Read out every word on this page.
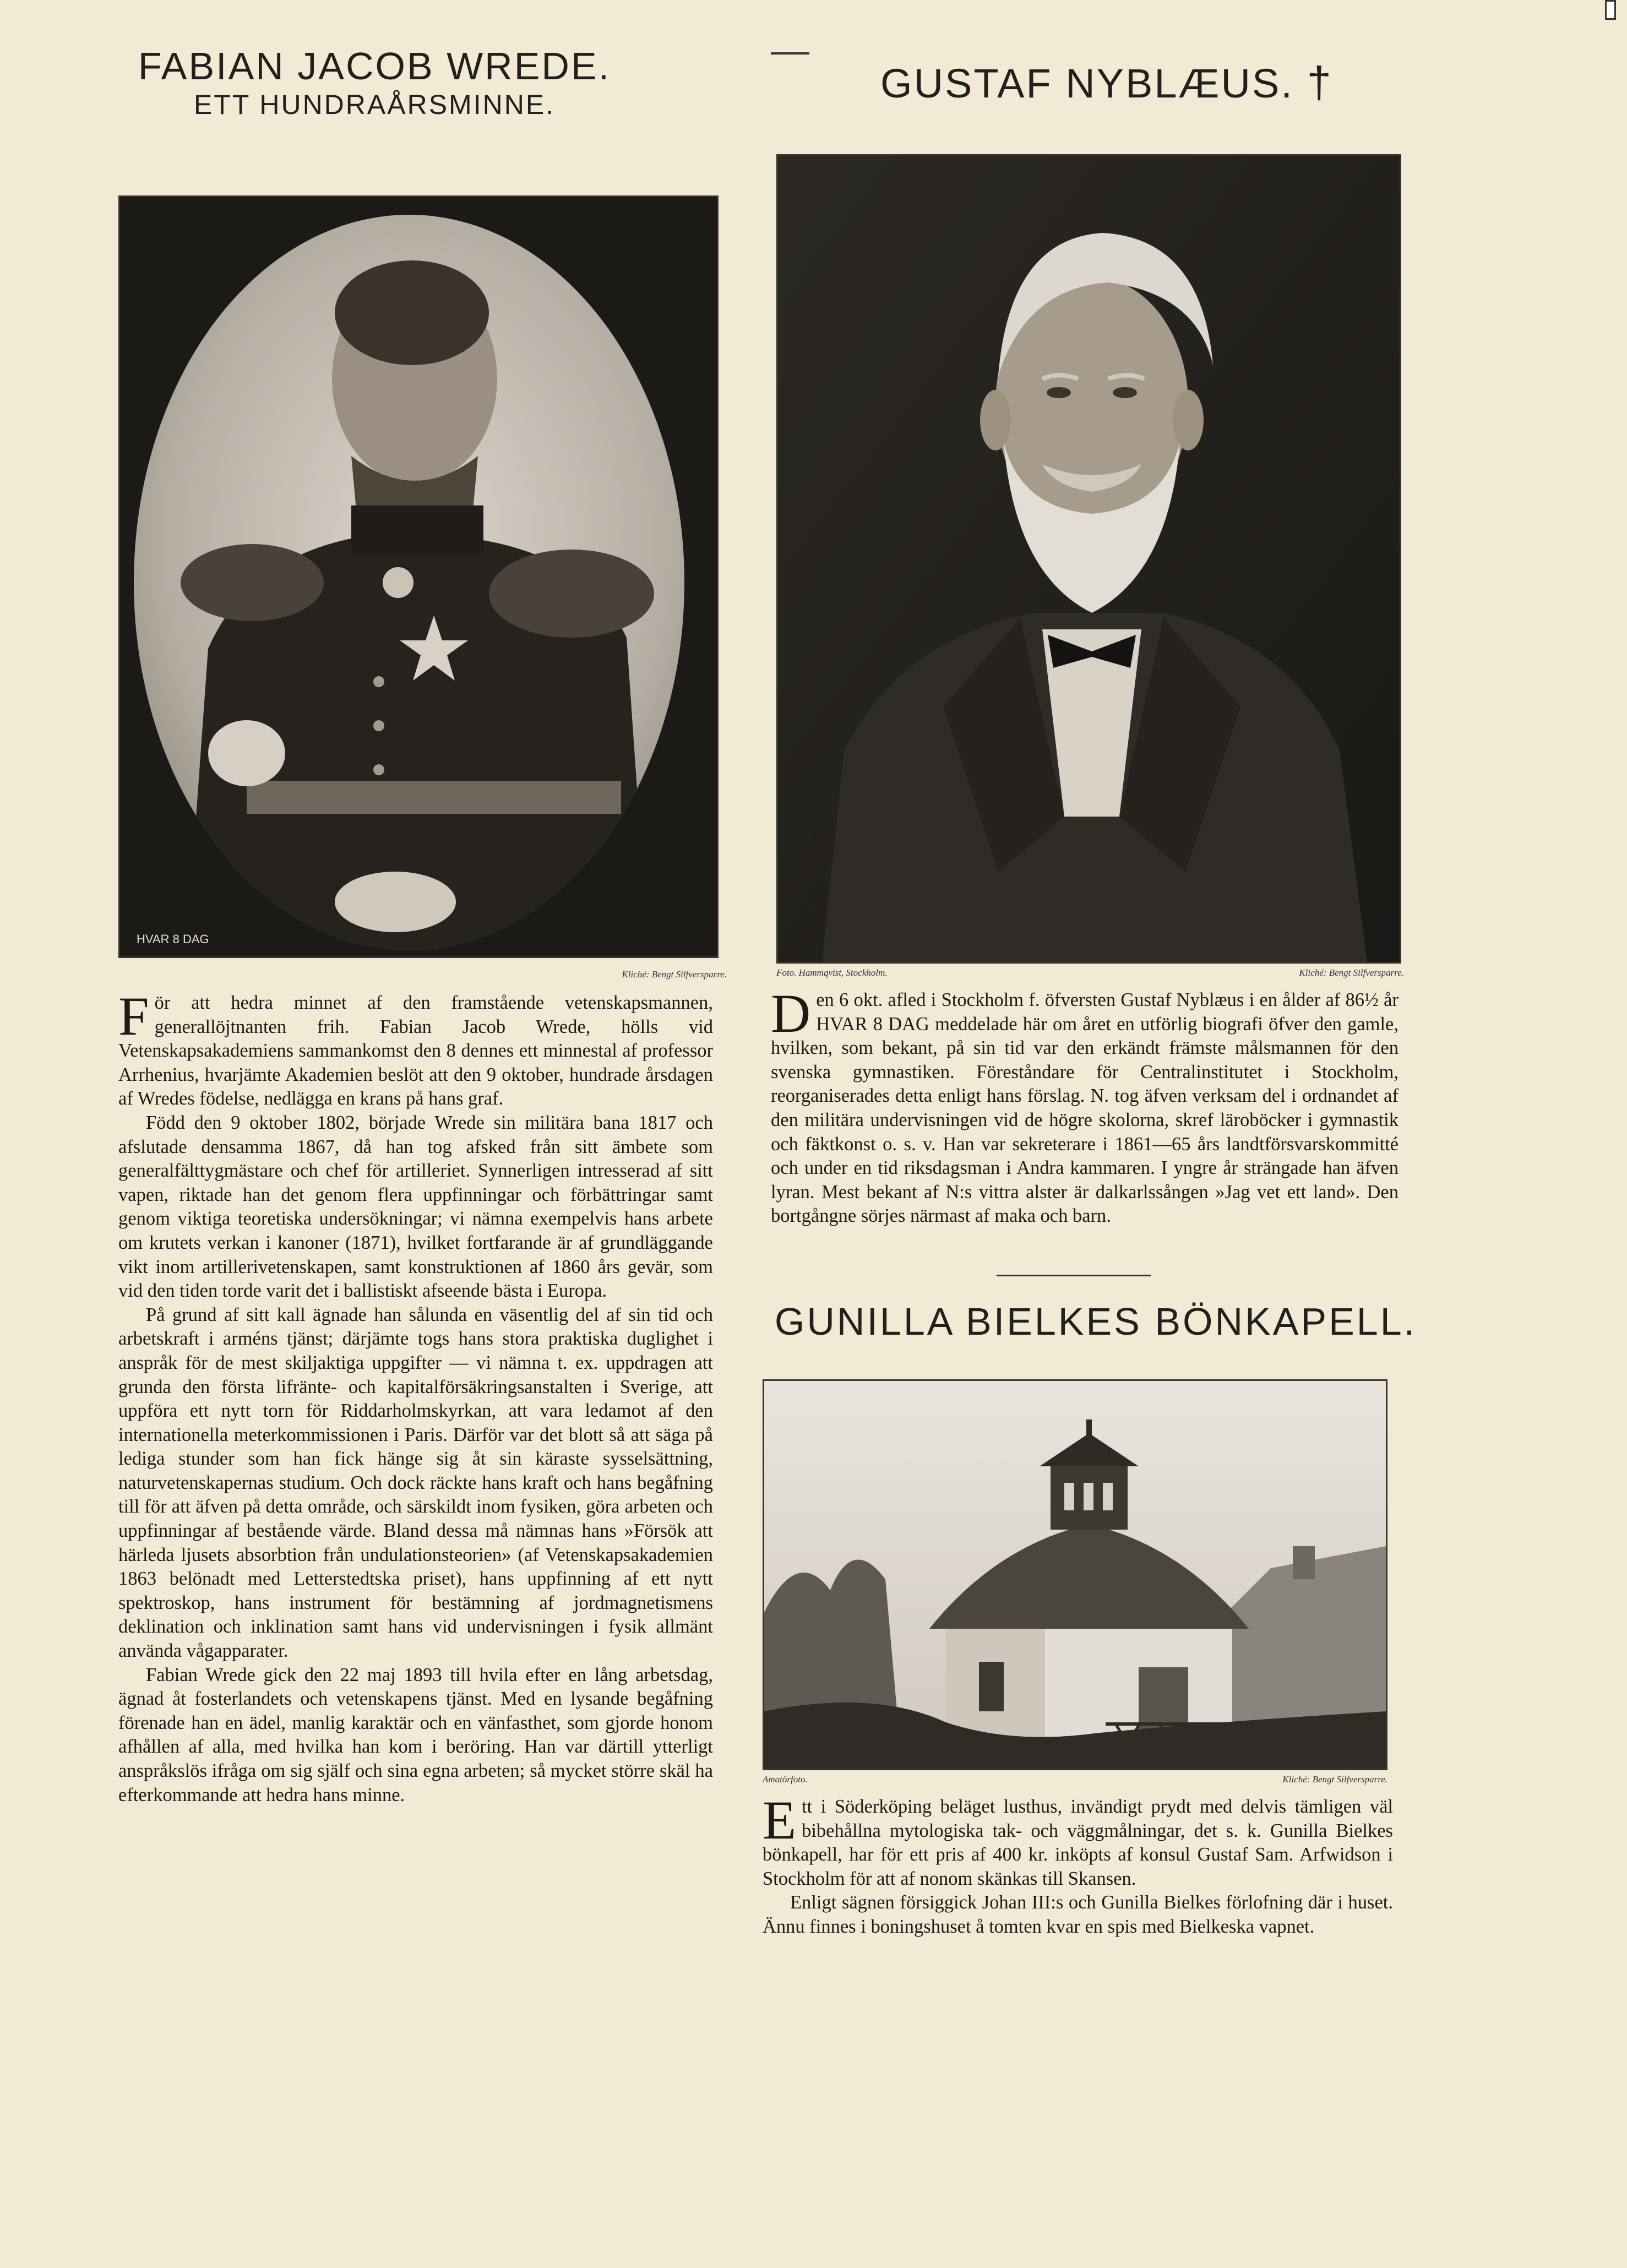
FABIAN JACOB WREDE.
ETT HUNDRAÅRSMINNE.
HVAR 8 DAG
Kliché: Bengt Silfversparre.

För att hedra minnet af den framstående vetenskapsmannen, generallöjtnanten frih. Fabian Jacob Wrede, hölls vid Vetenskapsakademiens sammankomst den 8 dennes ett minnestal af professor Arrhenius, hvarjämte Akademien beslöt att den 9 oktober, hundrade årsdagen af Wredes födelse, nedlägga en krans på hans graf.

Född den 9 oktober 1802, började Wrede sin militära bana 1817 och afslutade densamma 1867, då han tog afsked från sitt ämbete som generalfälttygmästare och chef för artilleriet. Synnerligen intresserad af sitt vapen, riktade han det genom flera uppfinningar och förbättringar samt genom viktiga teoretiska undersökningar; vi nämna exempelvis hans arbete om krutets verkan i kanoner (1871), hvilket fortfarande är af grundläggande vikt inom artillerivetenskapen, samt konstruktionen af 1860 års gevär, som vid den tiden torde varit det i ballistiskt afseende bästa i Europa.

På grund af sitt kall ägnade han sålunda en väsentlig del af sin tid och arbetskraft i arméns tjänst; därjämte togs hans stora praktiska duglighet i anspråk för de mest skiljaktiga uppgifter — vi nämna t. ex. uppdragen att grunda den första lifränte- och kapitalförsäkringsanstalten i Sverige, att uppföra ett nytt torn för Riddarholmskyrkan, att vara ledamot af den internationella meterkommissionen i Paris. Därför var det blott så att säga på lediga stunder som han fick hänge sig åt sin käraste sysselsättning, naturvetenskapernas studium. Och dock räckte hans kraft och hans begåfning till för att äfven på detta område, och särskildt inom fysiken, göra arbeten och uppfinningar af bestående värde. Bland dessa må nämnas hans »Försök att härleda ljusets absorbtion från undulationsteorien» (af Vetenskapsakademien 1863 belönadt med Letterstedtska priset), hans uppfinning af ett nytt spektroskop, hans instrument för bestämning af jordmagnetismens deklination och inklination samt hans vid undervisningen i fysik allmänt använda vågapparater.

Fabian Wrede gick den 22 maj 1893 till hvila efter en lång arbetsdag, ägnad åt fosterlandets och vetenskapens tjänst. Med en lysande begåfning förenade han en ädel, manlig karaktär och en vänfasthet, som gjorde honom afhållen af alla, med hvilka han kom i beröring. Han var därtill ytterligt anspråkslös ifråga om sig själf och sina egna arbeten; så mycket större skäl ha efterkommande att hedra hans minne.

GUSTAF NYBLÆUS. †
Foto. Hammqvist, Stockholm.	Kliché: Bengt Silfversparre.

Den 6 okt. afled i Stockholm f. öfversten Gustaf Nyblæus i en ålder af 86½ år HVAR 8 DAG meddelade här om året en utförlig biografi öfver den gamle, hvilken, som bekant, på sin tid var den erkändt främste målsmannen för den svenska gymnastiken. Föreståndare för Centralinstitutet i Stockholm, reorganiserades detta enligt hans förslag. N. tog äfven verksam del i ordnandet af den militära undervisningen vid de högre skolorna, skref läroböcker i gymnastik och fäktkonst o. s. v. Han var sekreterare i 1861—65 års landtförsvarskommitté och under en tid riksdagsman i Andra kammaren. I yngre år strängade han äfven lyran. Mest bekant af N:s vittra alster är dalkarlssången »Jag vet ett land». Den bortgångne sörjes närmast af maka och barn.

GUNILLA BIELKES BÖNKAPELL.
Amatörfoto.	Kliché: Bengt Silfversparre.

Ett i Söderköping beläget lusthus, invändigt prydt med delvis tämligen väl bibehållna mytologiska tak- och väggmålningar, det s. k. Gunilla Bielkes bönkapell, har för ett pris af 400 kr. inköpts af konsul Gustaf Sam. Arfwidson i Stockholm för att af nonom skänkas till Skansen.

Enligt sägnen försiggick Johan III:s och Gunilla Bielkes förlofning där i huset. Ännu finnes i boningshuset å tomten kvar en spis med Bielkeska vapnet.
